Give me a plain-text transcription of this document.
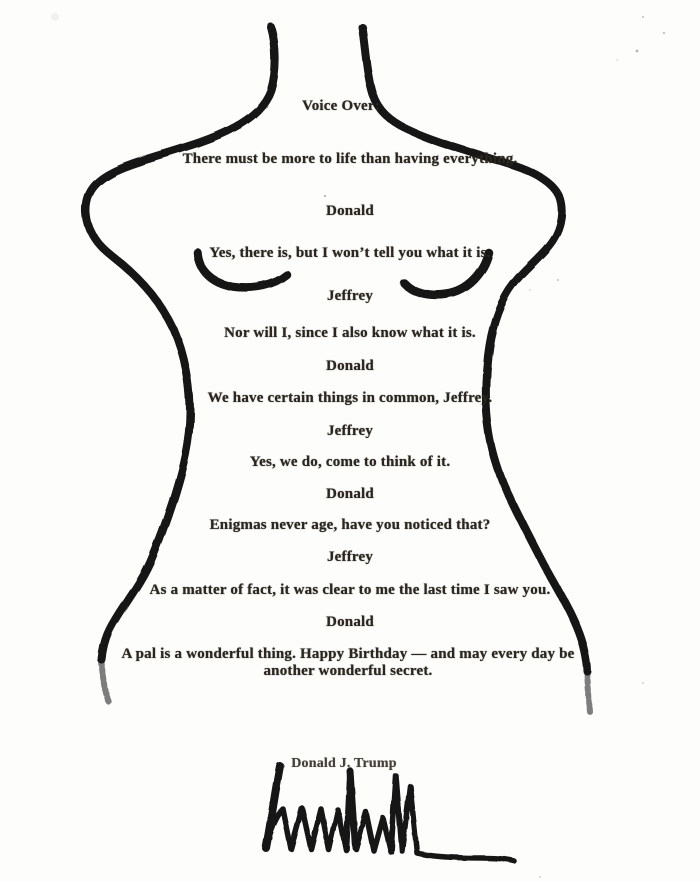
Voice Over:
There must be more to life than having everything.
Donald
Yes, there is, but I won’t tell you what it is.
Jeffrey
Nor will I, since I also know what it is.
Donald
We have certain things in common, Jeffrey.
Jeffrey
Yes, we do, come to think of it.
Donald
Enigmas never age, have you noticed that?
Jeffrey
As a matter of fact, it was clear to me the last time I saw you.
Donald
A pal is a wonderful thing. Happy Birthday — and may every day be another wonderful secret.
Donald J. Trump
